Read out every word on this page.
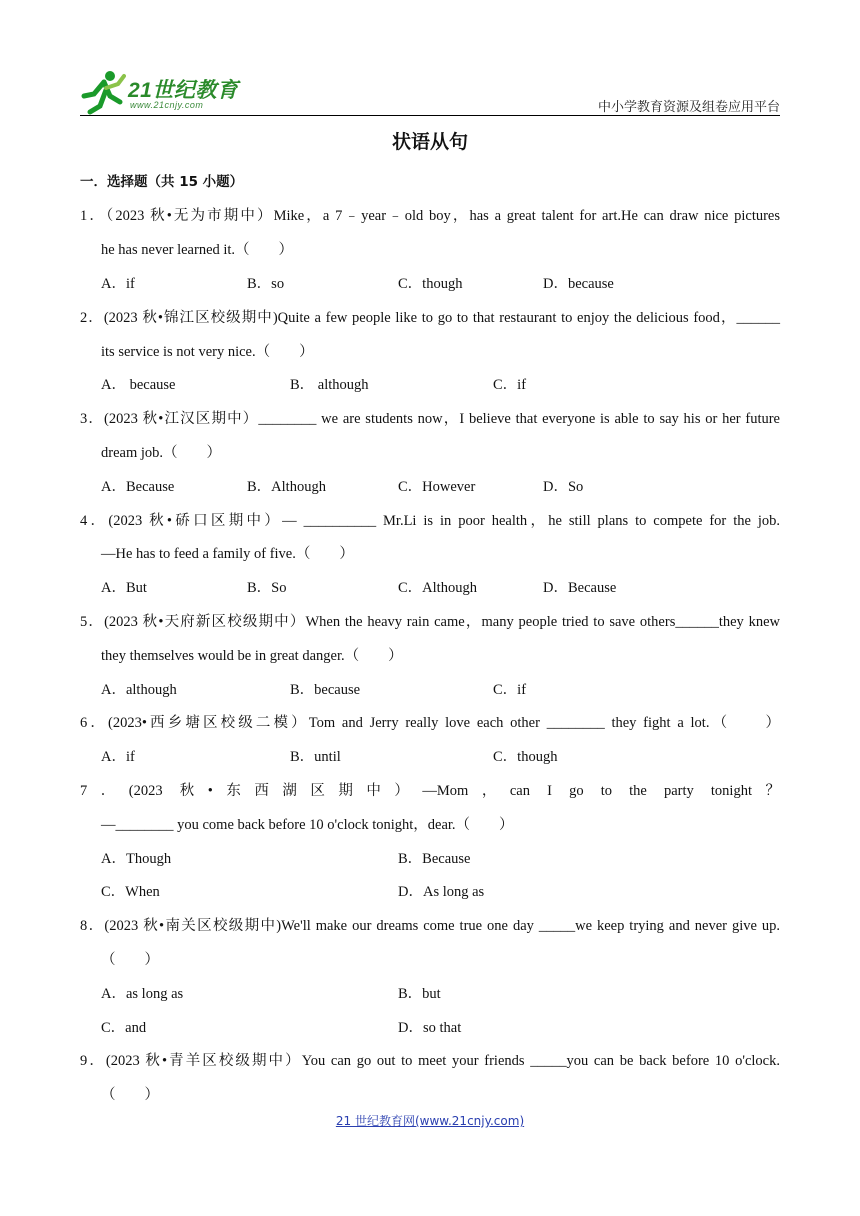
21世纪教育
www.21cnjy.com	中小学教育资源及组卷应用平台
状语从句
一．选择题（共 15 小题）
1．（2023 秋•无为市期中）Mike，a 7﹣year﹣old boy，has a great talent for art.He can draw nice pictures
he has never learned it.（　　）
A．if	B．so	C．though	D．because
2．(2023 秋•锦江区校级期中)Quite a few people like to go to that restaurant to enjoy the delicious food，______
its service is not very nice.（　　）
A． because	B． although	C．if
3．(2023 秋•江汉区期中）________ we are students now，I believe that everyone is able to say his or her future
dream job.（　　）
A．Because	B．Although	C．However	D．So
4．(2023 秋•硚口区期中）— __________ Mr.Li is in poor health，he still plans to compete for the job.
—He has to feed a family of five.（　　）
A．But	B．So	C．Although	D．Because
5．(2023 秋•天府新区校级期中）When the heavy rain came，many people tried to save others______they knew
they themselves would be in great danger.（　　）
A．although	B．because	C．if
6．(2023•西乡塘区校级二模）Tom and Jerry really love each other ________ they fight a lot.（　　）
A．if	B．until	C．though
7．(2023 秋•东西湖区期中）—Mom，can I go to the party tonight？
—________ you come back before 10 o'clock tonight，dear.（　　）
A．Though	B．Because
C．When	D．As long as
8．(2023 秋•南关区校级期中)We'll make our dreams come true one day _____we keep trying and never give up.
（　　）
A．as long as	B．but
C．and	D．so that
9．(2023 秋•青羊区校级期中）You can go out to meet your friends _____you can be back before 10 o'clock.
（　　）
21 世纪教育网(www.21cnjy.com)
